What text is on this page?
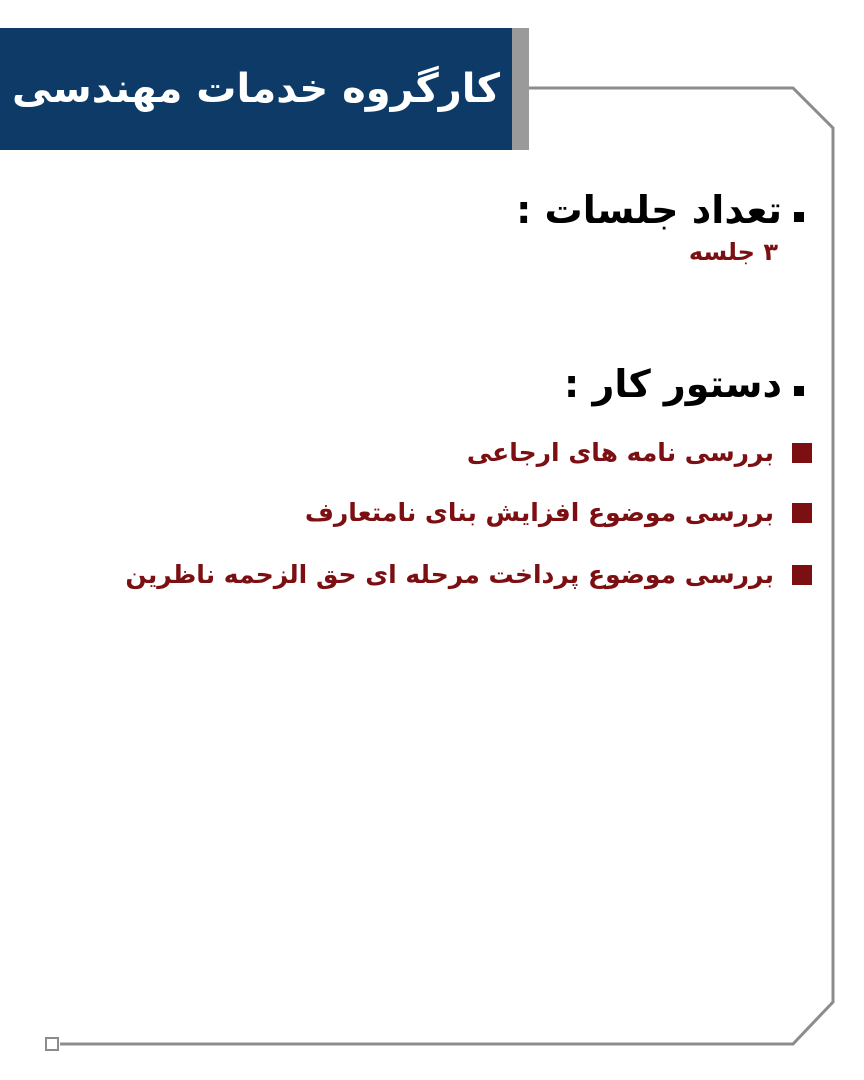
کارگروه خدمات مهندسی
تعداد جلسات :
۳ جلسه
دستور کار :
بررسی نامه های ارجاعی
بررسی موضوع افزایش بنای نامتعارف
بررسی موضوع پرداخت مرحله ای حق الزحمه ناظرین
